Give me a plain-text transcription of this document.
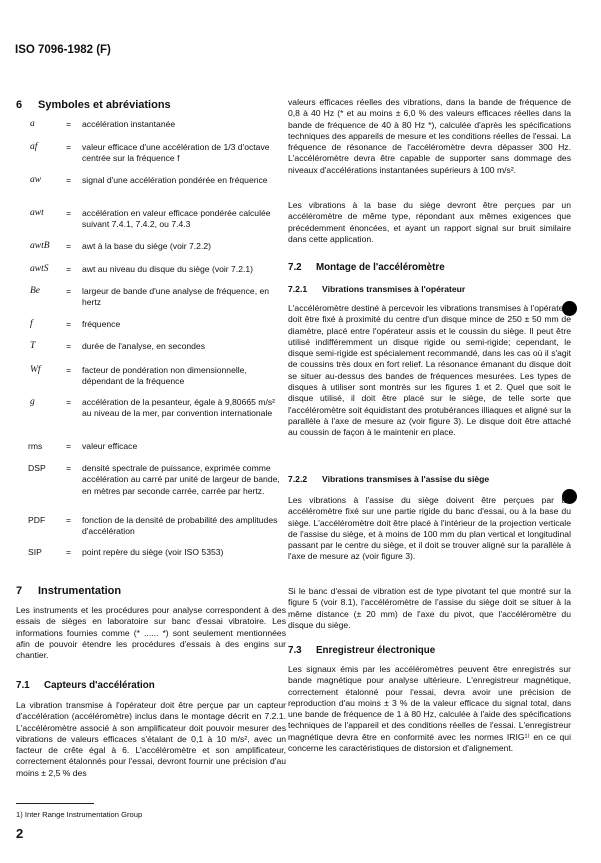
ISO 7096-1982 (F)
6 Symboles et abréviations
a	= accélération instantanée
af	= valeur efficace d'une accélération de 1/3 d'octave centrée sur la fréquence f
aw	= signal d'une accélération pondérée en fréquence
awt	= accélération en valeur efficace pondérée calculée suivant 7.4.1, 7.4.2, ou 7.4.3
awtB = awt à la base du siège (voir 7.2.2)
awtS = awt au niveau du disque du siège (voir 7.2.1)
Be	= largeur de bande d'une analyse de fréquence, en hertz
f	= fréquence
T	= durée de l'analyse, en secondes
Wf	= facteur de pondération non dimensionnelle, dépendant de la fréquence
g	= accélération de la pesanteur, égale à 9,80665 m/s² au niveau de la mer, par convention internationale
rms	= valeur efficace
DSP = densité spectrale de puissance, exprimée comme accélération au carré par unité de largeur de bande, en mètres par seconde carrée, carrée par hertz.
PDF = fonction de la densité de probabilité des amplitudes d'accélération
SIP	= point repère du siège (voir ISO 5353)
7 Instrumentation

Les instruments et les procédures pour analyse correspondent à des essais de sièges en laboratoire sur banc d'essai vibratoire. Les informations fournies comme (* ...... *) sont seulement mentionnées afin de pouvoir étendre les procédures d'essais à des engins sur chantier.

7.1 Capteurs d'accélération

La vibration transmise à l'opérateur doit être perçue par un capteur d'accélération (accéléromètre) inclus dans le montage décrit en 7.2.1. L'accéléromètre associé à son amplificateur doit pouvoir mesurer des vibrations de valeurs efficaces s'étalant de 0,1 à 10 m/s², avec un facteur de crête égal à 6. L'accéléromètre et son amplificateur, correctement étalonnés pour l'essai, devront fournir une précision d'au moins ± 2,5 % des

valeurs efficaces réelles des vibrations, dans la bande de fréquence de 0,8 à 40 Hz (* et au moins ± 6,0 % des valeurs efficaces réelles dans la bande de fréquence de 40 à 80 Hz *), calculée d'après les spécifications techniques des appareils de mesure et les conditions réelles de l'essai. La fréquence de résonance de l'accéléromètre devra dépasser 300 Hz. L'accéléromètre devra être capable de supporter sans dommage des niveaux d'accélérations instantanées supérieurs à 100 m/s².

Les vibrations à la base du siège devront être perçues par un accéléromètre de même type, répondant aux mêmes exigences que précédemment énoncées, et ayant un rapport signal sur bruit similaire dans cette application.

7.2 Montage de l'accéléromètre
7.2.1 Vibrations transmises à l'opérateur

L'accéléromètre destiné à percevoir les vibrations transmises à l'opérateur doit être fixé à proximité du centre d'un disque mince de 250 ± 50 mm de diamètre, placé entre l'opérateur assis et le coussin du siège. Il peut être utilisé indifféremment un disque rigide ou semi-rigide; cependant, le disque semi-rigide est spécialement recommandé, dans les cas où il s'agit de coussins très doux en fort relief. La résonance émanant du disque doit se situer au-dessus des bandes de fréquences mesurées. Les types de disques à utiliser sont montrés sur les figures 1 et 2. Quel que soit le disque utilisé, il doit être placé sur le siège, de telle sorte que l'accéléromètre soit équidistant des protubérances illiaques et aligné sur la parallèle à l'axe de mesure az (voir figure 3). Le disque doit être attaché au coussin de façon à le maintenir en place.

7.2.2 Vibrations transmises à l'assise du siège

Les vibrations à l'assise du siège doivent être perçues par un accéléromètre fixé sur une partie rigide du banc d'essai, ou à la base du siège. L'accéléromètre doit être placé à l'intérieur de la projection verticale de l'assise du siège, et à moins de 100 mm du plan vertical et longitudinal passant par le centre du siège, et il doit se trouver aligné sur la parallèle à l'axe de mesure az (voir figure 3).

Si le banc d'essai de vibration est de type pivotant tel que montré sur la figure 5 (voir 8.1), l'accéléromètre de l'assise du siège doit se situer à la même distance (± 20 mm) de l'axe du pivot, que l'accéléromètre du disque du siège.

7.3 Enregistreur électronique

Les signaux émis par les accéléromètres peuvent être enregistrés sur bande magnétique pour analyse ultérieure. L'enregistreur magnétique, correctement étalonné pour l'essai, devra avoir une précision de reproduction d'au moins ± 3 % de la valeur efficace du signal total, dans une bande de fréquence de 1 à 80 Hz, calculée à l'aide des spécifications techniques de l'appareil et des conditions réelles de l'essai. L'enregistreur magnétique devra être en conformité avec les normes IRIG¹⁾ en ce qui concerne les caractéristiques de distorsion et d'alignement.

1) Inter Range Instrumentation Group
2
